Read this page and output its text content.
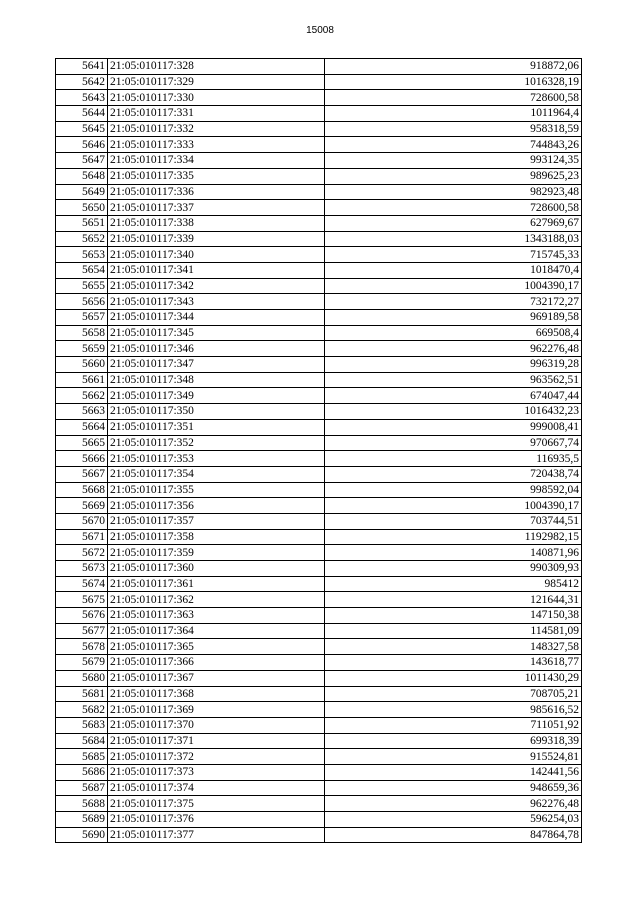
15008
5641	21:05:010117:328	918872,06
5642	21:05:010117:329	1016328,19
5643	21:05:010117:330	728600,58
5644	21:05:010117:331	1011964,4
5645	21:05:010117:332	958318,59
5646	21:05:010117:333	744843,26
5647	21:05:010117:334	993124,35
5648	21:05:010117:335	989625,23
5649	21:05:010117:336	982923,48
5650	21:05:010117:337	728600,58
5651	21:05:010117:338	627969,67
5652	21:05:010117:339	1343188,03
5653	21:05:010117:340	715745,33
5654	21:05:010117:341	1018470,4
5655	21:05:010117:342	1004390,17
5656	21:05:010117:343	732172,27
5657	21:05:010117:344	969189,58
5658	21:05:010117:345	669508,4
5659	21:05:010117:346	962276,48
5660	21:05:010117:347	996319,28
5661	21:05:010117:348	963562,51
5662	21:05:010117:349	674047,44
5663	21:05:010117:350	1016432,23
5664	21:05:010117:351	999008,41
5665	21:05:010117:352	970667,74
5666	21:05:010117:353	116935,5
5667	21:05:010117:354	720438,74
5668	21:05:010117:355	998592,04
5669	21:05:010117:356	1004390,17
5670	21:05:010117:357	703744,51
5671	21:05:010117:358	1192982,15
5672	21:05:010117:359	140871,96
5673	21:05:010117:360	990309,93
5674	21:05:010117:361	985412
5675	21:05:010117:362	121644,31
5676	21:05:010117:363	147150,38
5677	21:05:010117:364	114581,09
5678	21:05:010117:365	148327,58
5679	21:05:010117:366	143618,77
5680	21:05:010117:367	1011430,29
5681	21:05:010117:368	708705,21
5682	21:05:010117:369	985616,52
5683	21:05:010117:370	711051,92
5684	21:05:010117:371	699318,39
5685	21:05:010117:372	915524,81
5686	21:05:010117:373	142441,56
5687	21:05:010117:374	948659,36
5688	21:05:010117:375	962276,48
5689	21:05:010117:376	596254,03
5690	21:05:010117:377	847864,78
